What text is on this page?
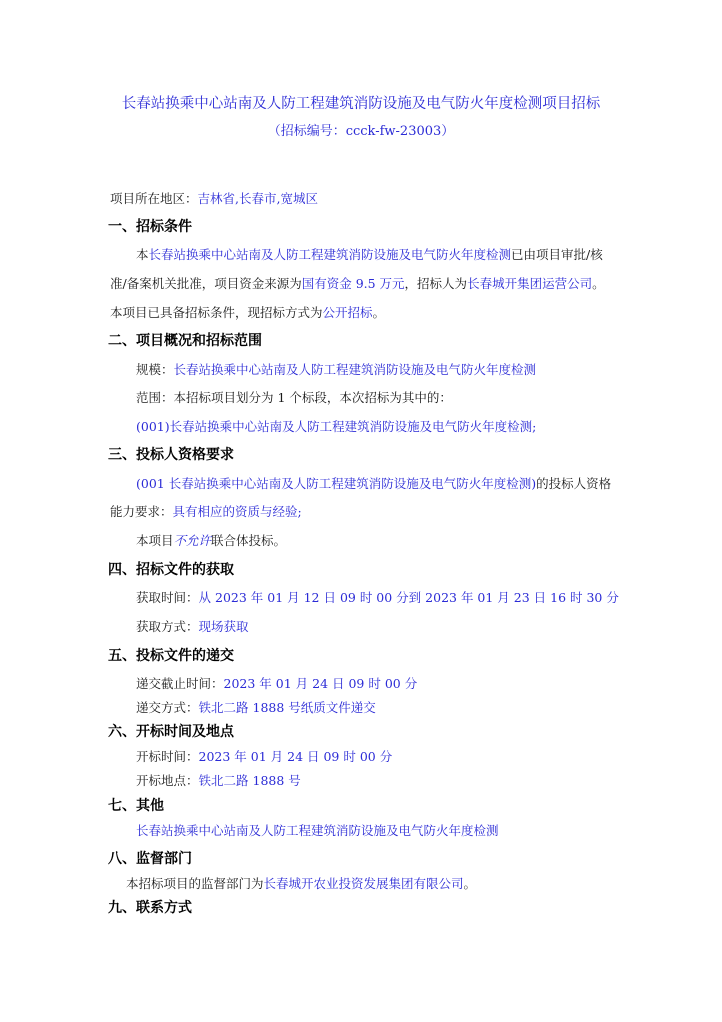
长春站换乘中心站南及人防工程建筑消防设施及电气防火年度检测项目招标
（招标编号：ccck-fw-23003）
项目所在地区：吉林省,长春市,宽城区
一、招标条件
本长春站换乘中心站南及人防工程建筑消防设施及电气防火年度检测已由项目审批/核
准/备案机关批准，项目资金来源为国有资金 9.5 万元，招标人为长春城开集团运营公司。
本项目已具备招标条件，现招标方式为公开招标。
二、项目概况和招标范围
规模：长春站换乘中心站南及人防工程建筑消防设施及电气防火年度检测
范围：本招标项目划分为 1 个标段，本次招标为其中的：
(001)长春站换乘中心站南及人防工程建筑消防设施及电气防火年度检测;
三、投标人资格要求
(001 长春站换乘中心站南及人防工程建筑消防设施及电气防火年度检测)的投标人资格
能力要求：具有相应的资质与经验;
本项目不允许联合体投标。
四、招标文件的获取
获取时间：从 2023 年 01 月 12 日 09 时 00 分到 2023 年 01 月 23 日 16 时 30 分
获取方式：现场获取
五、投标文件的递交
递交截止时间：2023 年 01 月 24 日 09 时 00 分
递交方式：铁北二路 1888 号纸质文件递交
六、开标时间及地点
开标时间：2023 年 01 月 24 日 09 时 00 分
开标地点：铁北二路 1888 号
七、其他
长春站换乘中心站南及人防工程建筑消防设施及电气防火年度检测
八、监督部门
本招标项目的监督部门为长春城开农业投资发展集团有限公司。
九、联系方式
